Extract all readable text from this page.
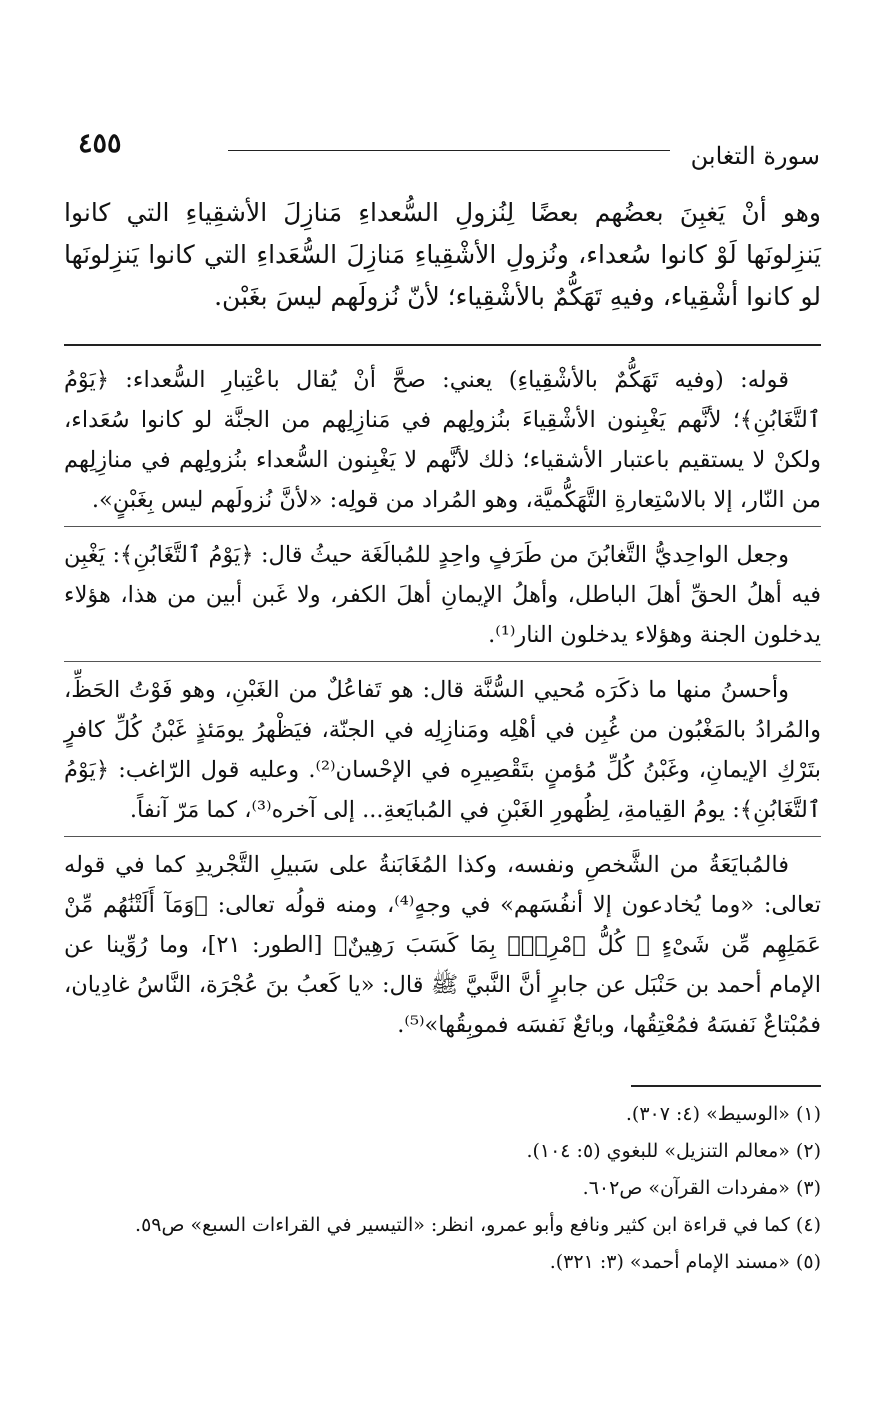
٤٥٥	سورة التغابن

وهو أنْ يَغبِنَ بعضُهم بعضًا لِنُزولِ السُّعداءِ مَنازِلَ الأشقِياءِ التي كانوا يَنزِلونَها لَوْ كانوا سُعداء، ونُزولِ الأشْقِياءِ مَنازِلَ السُّعَداءِ التي كانوا يَنزِلونَها لو كانوا أشْقِياء، وفيهِ تَهَكُّمٌ بالأشْقِياء؛ لأنّ نُزولَهم ليسَ بغَبْن.

قوله: (وفيه تَهَكُّمٌ بالأشْقِياءِ) يعني: صحَّ أنْ يُقال باعْتِبارِ السُّعداء: ﴿يَوْمُ ٱلتَّغَابُنِ﴾؛ لأنَّهم يَغْبِنون الأشْقِياءَ بنُزولِهم في مَنازِلِهم من الجنَّة لو كانوا سُعَداء، ولكنْ لا يستقيم باعتبار الأشقياء؛ ذلك لأنَّهم لا يَغْبِنون السُّعداء بنُزولِهم في منازِلِهم من النّار، إلا بالاسْتِعارةِ التَّهَكُّميَّة، وهو المُراد من قولِه: «لأنَّ نُزولَهم ليس بِغَبْنٍ».

وجعل الواحِديُّ التَّغابُنَ من طَرَفٍ واحِدٍ للمُبالَغَة حيثُ قال: ﴿يَوْمُ ٱلتَّغَابُنِ﴾: يَغْبِن فيه أهلُ الحقِّ أهلَ الباطل، وأهلُ الإيمانِ أهلَ الكفر، ولا غَبن أبين من هذا، هؤلاء يدخلون الجنة وهؤلاء يدخلون النار⁽¹⁾.

وأحسنُ منها ما ذكَرَه مُحيي السُّنَّة قال: هو تَفاعُلٌ من الغَبْنِ، وهو فَوْتُ الحَظِّ، والمُرادُ بالمَغْبُون من غُبِن في أهْلِه ومَنازِلِه في الجنّة، فيَظْهرُ يومَئذٍ غَبْنُ كُلِّ كافرٍ بتَرْكِ الإيمانِ، وغَبْنُ كُلِّ مُؤمنٍ بتَقْصِيرِه في الإحْسان⁽²⁾. وعليه قول الرّاغب: ﴿يَوْمُ ٱلتَّغَابُنِ﴾: يومُ القِيامةِ، لِظُهورِ الغَبْنِ في المُبايَعةِ... إلى آخره⁽³⁾، كما مَرّ آنفاً.

فالمُبايَعَةُ من الشَّخصِ ونفسه، وكذا المُغَابَنةُ على سَبيلِ التَّجْريدِ كما في قوله تعالى: «وما يُخادعون إلا أنفُسَهم» في وجهٍ⁽⁴⁾، ومنه قولُه تعالى: ﴿وَمَآ أَلَتْنَٰهُم مِّنْ عَمَلِهِم مِّن شَىْءٍ ۚ كُلُّ ٱمْرِئٍۭ بِمَا كَسَبَ رَهِينٌ﴾ [الطور: ٢١]، وما رُوِّينا عن الإمام أحمد بن حَنْبَل عن جابرٍ أنَّ النَّبيَّ ﷺ قال: «يا كَعبُ بنَ عُجْرَة، النَّاسُ غادِيان، فمُبْتاعٌ نَفسَهُ فمُعْتِقُها، وبائعٌ نَفسَه فموبِقُها»⁽⁵⁾.

(١) «الوسيط» (٤: ٣٠٧).

(٢) «معالم التنزيل» للبغوي (٥: ١٠٤).

(٣) «مفردات القرآن» ص٦٠٢.

(٤) كما في قراءة ابن كثير ونافع وأبو عمرو، انظر: «التيسير في القراءات السبع» ص٥٩.

(٥) «مسند الإمام أحمد» (٣: ٣٢١).
